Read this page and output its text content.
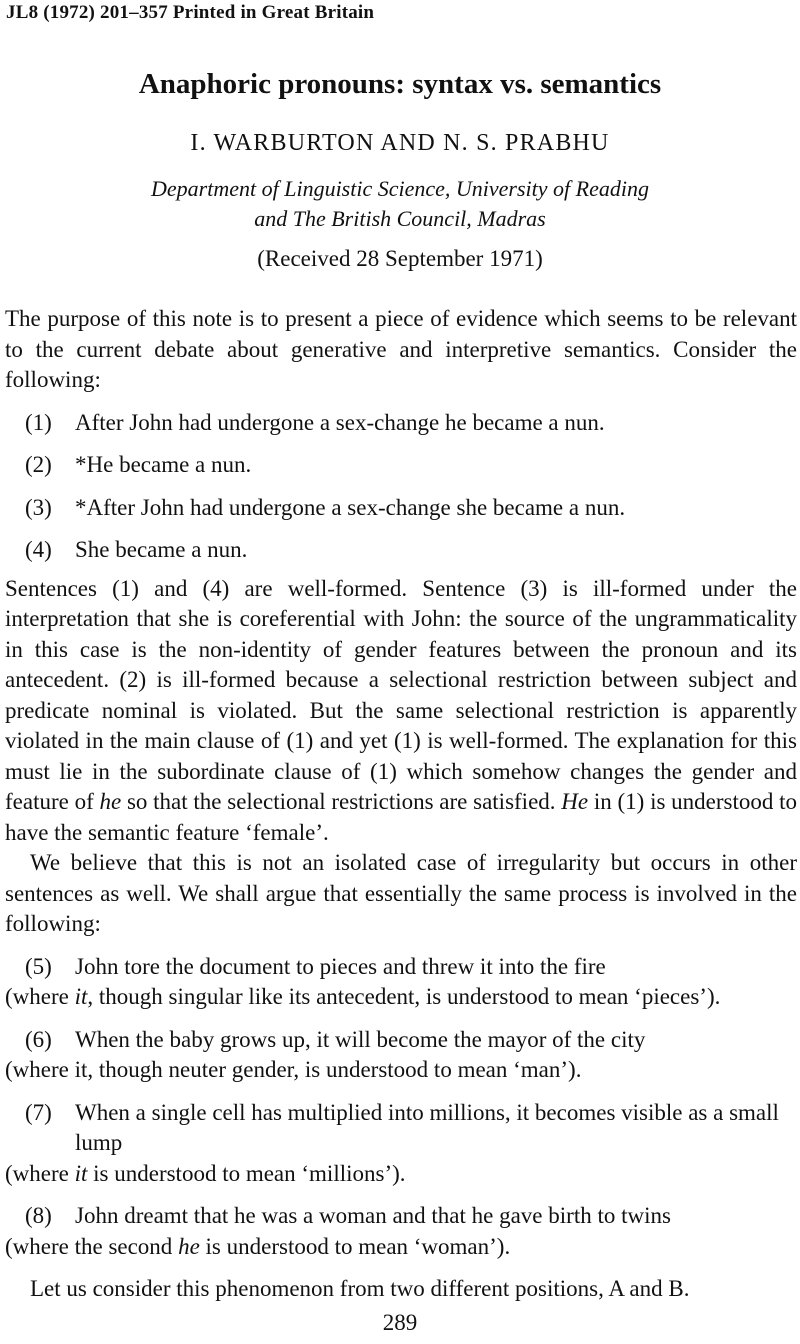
JL8 (1972) 201–357 Printed in Great Britain
Anaphoric pronouns: syntax vs. semantics
I. WARBURTON AND N. S. PRABHU
Department of Linguistic Science, University of Reading
and The British Council, Madras
(Received 28 September 1971)

The purpose of this note is to present a piece of evidence which seems to be relevant to the current debate about generative and interpretive semantics. Consider the following:

(1)	After John had undergone a sex-change he became a nun.
(2)	*He became a nun.
(3)	*After John had undergone a sex-change she became a nun.
(4)	She became a nun.

Sentences (1) and (4) are well-formed. Sentence (3) is ill-formed under the interpretation that she is coreferential with John: the source of the ungrammaticality in this case is the non-identity of gender features between the pronoun and its antecedent. (2) is ill-formed because a selectional restriction between subject and predicate nominal is violated. But the same selectional restriction is apparently violated in the main clause of (1) and yet (1) is well-formed. The explanation for this must lie in the subordinate clause of (1) which somehow changes the gender and feature of he so that the selectional restrictions are satisfied. He in (1) is understood to have the semantic feature ‘female’.

We believe that this is not an isolated case of irregularity but occurs in other sentences as well. We shall argue that essentially the same process is involved in the following:

(5)	John tore the document to pieces and threw it into the fire

(where it, though singular like its antecedent, is understood to mean ‘pieces’).

(6)	When the baby grows up, it will become the mayor of the city

(where it, though neuter gender, is understood to mean ‘man’).

(7)	When a single cell has multiplied into millions, it becomes visible as a small lump

(where it is understood to mean ‘millions’).

(8)	John dreamt that he was a woman and that he gave birth to twins

(where the second he is understood to mean ‘woman’).

Let us consider this phenomenon from two different positions, A and B.

289
